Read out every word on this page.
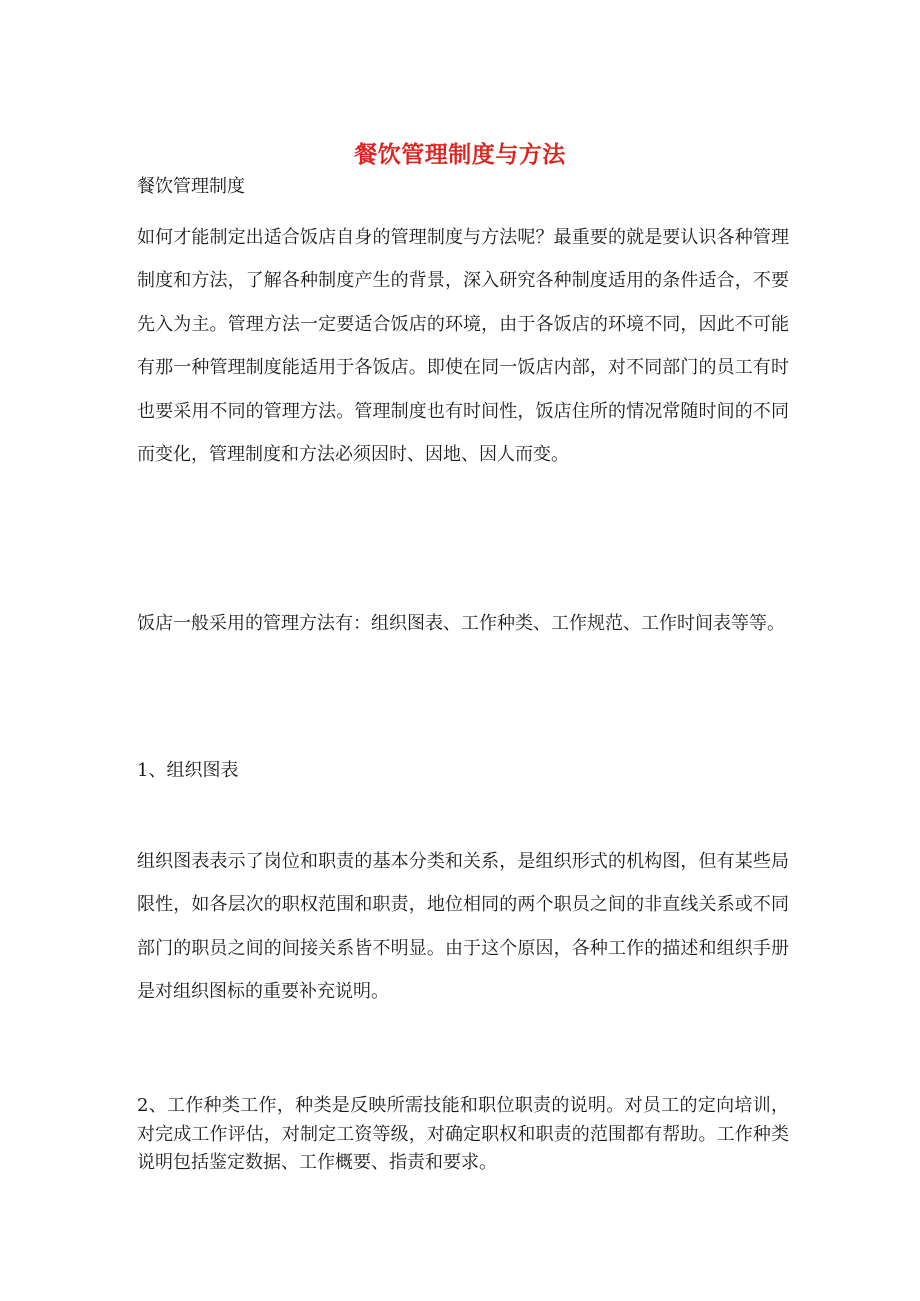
餐饮管理制度与方法

餐饮管理制度

如何才能制定出适合饭店自身的管理制度与方法呢？最重要的就是要认识各种管理制度和方法，了解各种制度产生的背景，深入研究各种制度适用的条件适合，不要先入为主。管理方法一定要适合饭店的环境，由于各饭店的环境不同，因此不可能有那一种管理制度能适用于各饭店。即使在同一饭店内部，对不同部门的员工有时也要采用不同的管理方法。管理制度也有时间性，饭店住所的情况常随时间的不同而变化，管理制度和方法必须因时、因地、因人而变。

饭店一般采用的管理方法有：组织图表、工作种类、工作规范、工作时间表等等。

1、组织图表

组织图表表示了岗位和职责的基本分类和关系，是组织形式的机构图，但有某些局限性，如各层次的职权范围和职责，地位相同的两个职员之间的非直线关系或不同部门的职员之间的间接关系皆不明显。由于这个原因，各种工作的描述和组织手册是对组织图标的重要补充说明。

2、工作种类工作，种类是反映所需技能和职位职责的说明。对员工的定向培训，对完成工作评估，对制定工资等级，对确定职权和职责的范围都有帮助。工作种类说明包括鉴定数据、工作概要、指责和要求。
